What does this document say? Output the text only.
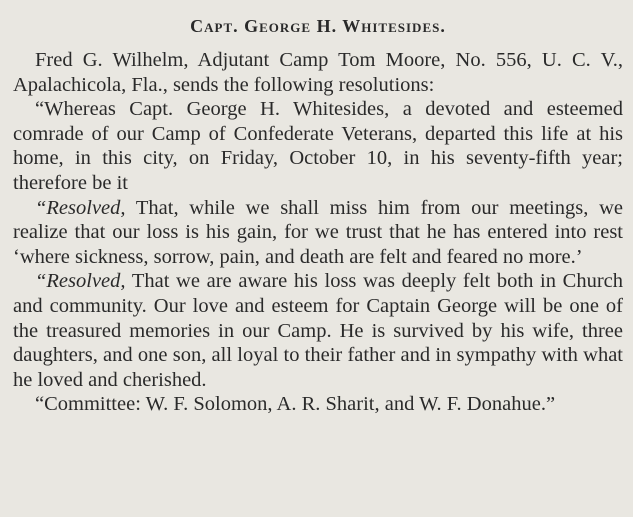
Capt. George H. Whitesides.

Fred G. Wilhelm, Adjutant Camp Tom Moore, No. 556, U. C. V., Apalachicola, Fla., sends the following resolutions:

“Whereas Capt. George H. Whitesides, a devoted and esteemed comrade of our Camp of Confederate Veterans, departed this life at his home, in this city, on Friday, October 10, in his seventy-fifth year; therefore be it

“Resolved, That, while we shall miss him from our meetings, we realize that our loss is his gain, for we trust that he has entered into rest ‘where sickness, sorrow, pain, and death are felt and feared no more.’

“Resolved, That we are aware his loss was deeply felt both in Church and community. Our love and esteem for Captain George will be one of the treasured memories in our Camp. He is survived by his wife, three daughters, and one son, all loyal to their father and in sympathy with what he loved and cherished.

“Committee: W. F. Solomon, A. R. Sharit, and W. F. Donahue.”
